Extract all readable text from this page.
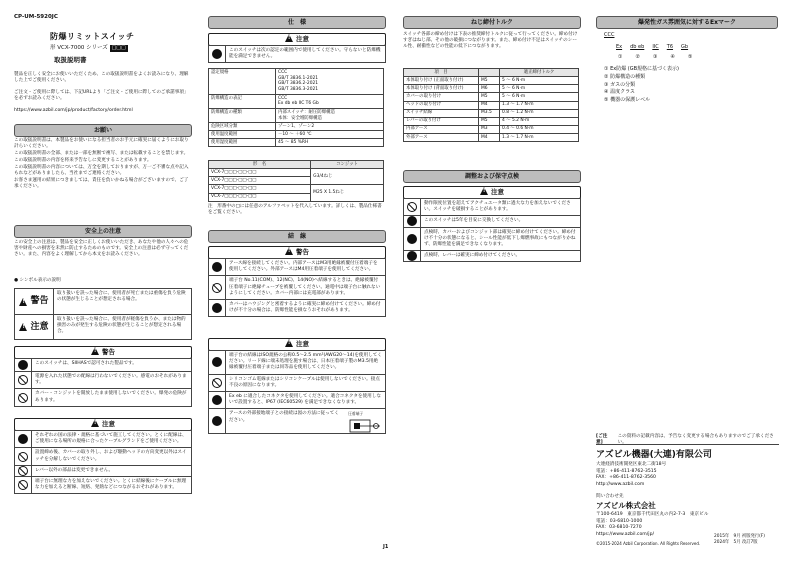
CP-UM-5920JC
防爆リミットスイッチ
形 VCX-7000 シリーズ □□□
取扱説明書
製品を正しく安全にお使いいただくため、この取扱説明書をよくお読みになり、理解した上でご使用ください。
ご注文・ご使用に際しては、下記URLより「ご注文・ご使用に際してのご承諾事項」を必ずお読みください。
https://www.azbil.com/jp/product/factory/order.html
お願い
この取扱説明書は、本製品をお使いになる担当者のお手元に確実に届くようにお取り計らいください。
この取扱説明書の全部、または一部を無断で複写、または転載することを禁じます。この取扱説明書の内容を将来予告なしに変更することがあります。
この取扱説明書の内容については、万全を期しておりますが、万一ご不審な点や記入もれなどがありましたら、当社までご連絡ください。
お客さま運用の結果につきましては、責任を負いかねる場合がございますので、ご了承ください。
安全上の注意
この安全上の注意は、製品を安全に正しくお使いいただき、あなたや他の人々への危害や財産への損害を未然に防止するためのものです。安全上の注意は必ず守ってください。また、内容をよく理解してから本文をお読みください。
● シンボル表示の説明
! 警告
取り扱いを誤った場合に、使用者が死亡または重傷を負う危険の状態が生じることが想定される場合。
! 注意
取り扱いを誤った場合に、使用者が軽傷を負うか、または物的損害のみが発生する危険の状態が生じることが想定される場合。
! 警告
このスイッチは、SIIHASで認可された製品です。
電源を入れた状態での配線は行わないでください。感電のおそれがあります。
カバー・コンジットを開放したまま使用しないでください。爆発の危険があります。
! 注意
それぞれの国の法律・規格に基づいて施工してください。とくに配線は、ご使用になる場所の規格に合ったケーブルグランドをご使用ください。
設置締め後、カバーの取り外し、および駆動ヘッドの方向変更以外はスイッチを分解しないでください。
レバー以外の部品は変更できません。
端子台に無理な力を加えないでください。とくに結線後にケーブルに無理な力を加えると断線、短絡、発熱などにつながるおそれがあります。
仕　様
! 注意
このスイッチは次の認定の範囲内で使用してください。守らないと防爆機能を満足できません。
認定規格	CCC
GB/T 3836.1-2021
GB/T 3836.2-2021
GB/T 3836.3-2021
防爆構造の表記	CCC
Ex db eb IIC T6 Gb
防爆構造の種類	内部スイッチ：耐圧防爆構造
本体：安全増防爆構造
危険区域分類	ゾーン1、ゾーン2
使用温度範囲	－10 ～ ＋60 ℃
使用湿度範囲	45 ～ 85 %RH
形　名	コンジット
VCX-7□□□-□□-□□	G3/4ねじ
VCX-7□□□-□□-□□	
VCX-7□□□-□□-□□	M25 X 1.5ねじ
VCX-7□□□-□□-□□	
注　形番中の□には任意のアルファベットを代入しています。詳しくは、製品仕様書をご覧ください。
結　線
! 警告
アース線を接続してください。内部アースはM3用絶縁被覆付圧着端子を使用してください。外部アースはM4用圧着端子を使用してください。
端子台 No.11(COM)、12(NC)、14(NO)へ結線するときは、絶縁被覆付圧着端子に絶縁チューブを被覆してください。通電中は端子台に触れないようにしてください。カバー内部には充電部があります。
カバーはハウジングと密着するように確実に締め付けてください。締め付けが不十分の場合は、防爆性能を損なうおそれがあります。
! 注意
端子台の結線はISO規格の公称0.5～2.5 mm²(AWG20～14)を使用してください。リード線に端末処理を施す場合は、日本圧着端子製のM3.5用絶縁被覆付圧着端子または同等品を使用してください。
シリコンゴム電線またはシリコンケーブルは使用しないでください。接点不良の原因になります。
Ex eb に適合したコネクタを使用してください。適合コネクタを使用しないで設置すると、IP67 (IEC60529) を満足できなくなります。
アースの外部接地端子との接続は図の方法に従ってください。
圧着端子
J1
ねじ締付トルク
スイッチ各部の締め付けは下表の推奨締付トルクに従って行ってください。締め付けすぎはねじ部、その他の破損につながります。また、締め付け不足はスイッチのシール性、耐衝性などの性能の低下につながります。
項　目		適正締付トルク
本体取り付け (正面取り付け)	M5	5 ～ 6 N·m
本体取り付け (背面取り付け)	M6	5 ～ 6 N·m
カバーの取り付け	M5	5 ～ 6 N·m
ヘッドの取り付け	M4	1.3 ～ 1.7 N·m
スイッチ結線	M3.5	0.8 ～ 1.2 N·m
レバーの取り付け	M5	4 ～ 5.2 N·m
内部アース	M3	0.4 ～ 0.6 N·m
外部アース	M4	1.3 ～ 1.7 N·m
調整および保守点検
! 注意
動作限度位置を超えてアクチュエータ類に過大な力を加えないでください。スイッチを破損することがあります。
このスイッチは5年を目安に交換してください。
点検時、カバーおよびコンジット部は確実に締め付けてください。締め付け不十分の状態になると、シール性能が低下し爆燃事故にもつながりかねず、防爆性能を満足できなくなります。
点検時、レバーは確実に締め付けてください。
爆発性ガス雰囲気に対するExマーク
CCC
Ex db eb IIC T6 Gb
①	②	③	④	⑤
① Ex防爆 (GB規格に基づく表示)
② 防爆構造の種類
③ ガスの分類
④ 温度クラス
⑤ 機器の保護レベル
[ご注意]
この資料の記載内容は、予告なく変更する場合もありますのでご了承ください。
アズビル機器(大連)有限公司
大連経済技術開発区東北二街18号
電話：+86-411-8762-3515
FAX：+86-411-8762-3560
http://www.azbil.com
問い合わせ先
アズビル株式会社
〒100-6419　東京都千代田区丸の内2-7-3　東京ビル
電話：03-6810-1000
FAX：03-6810-7270
https://www.azbil.com/jp/
©2015-2024 Azbil Corporation. All Rights Reserved.
2015年　9月 初版発行(F)
2024年　5月 改訂7版
